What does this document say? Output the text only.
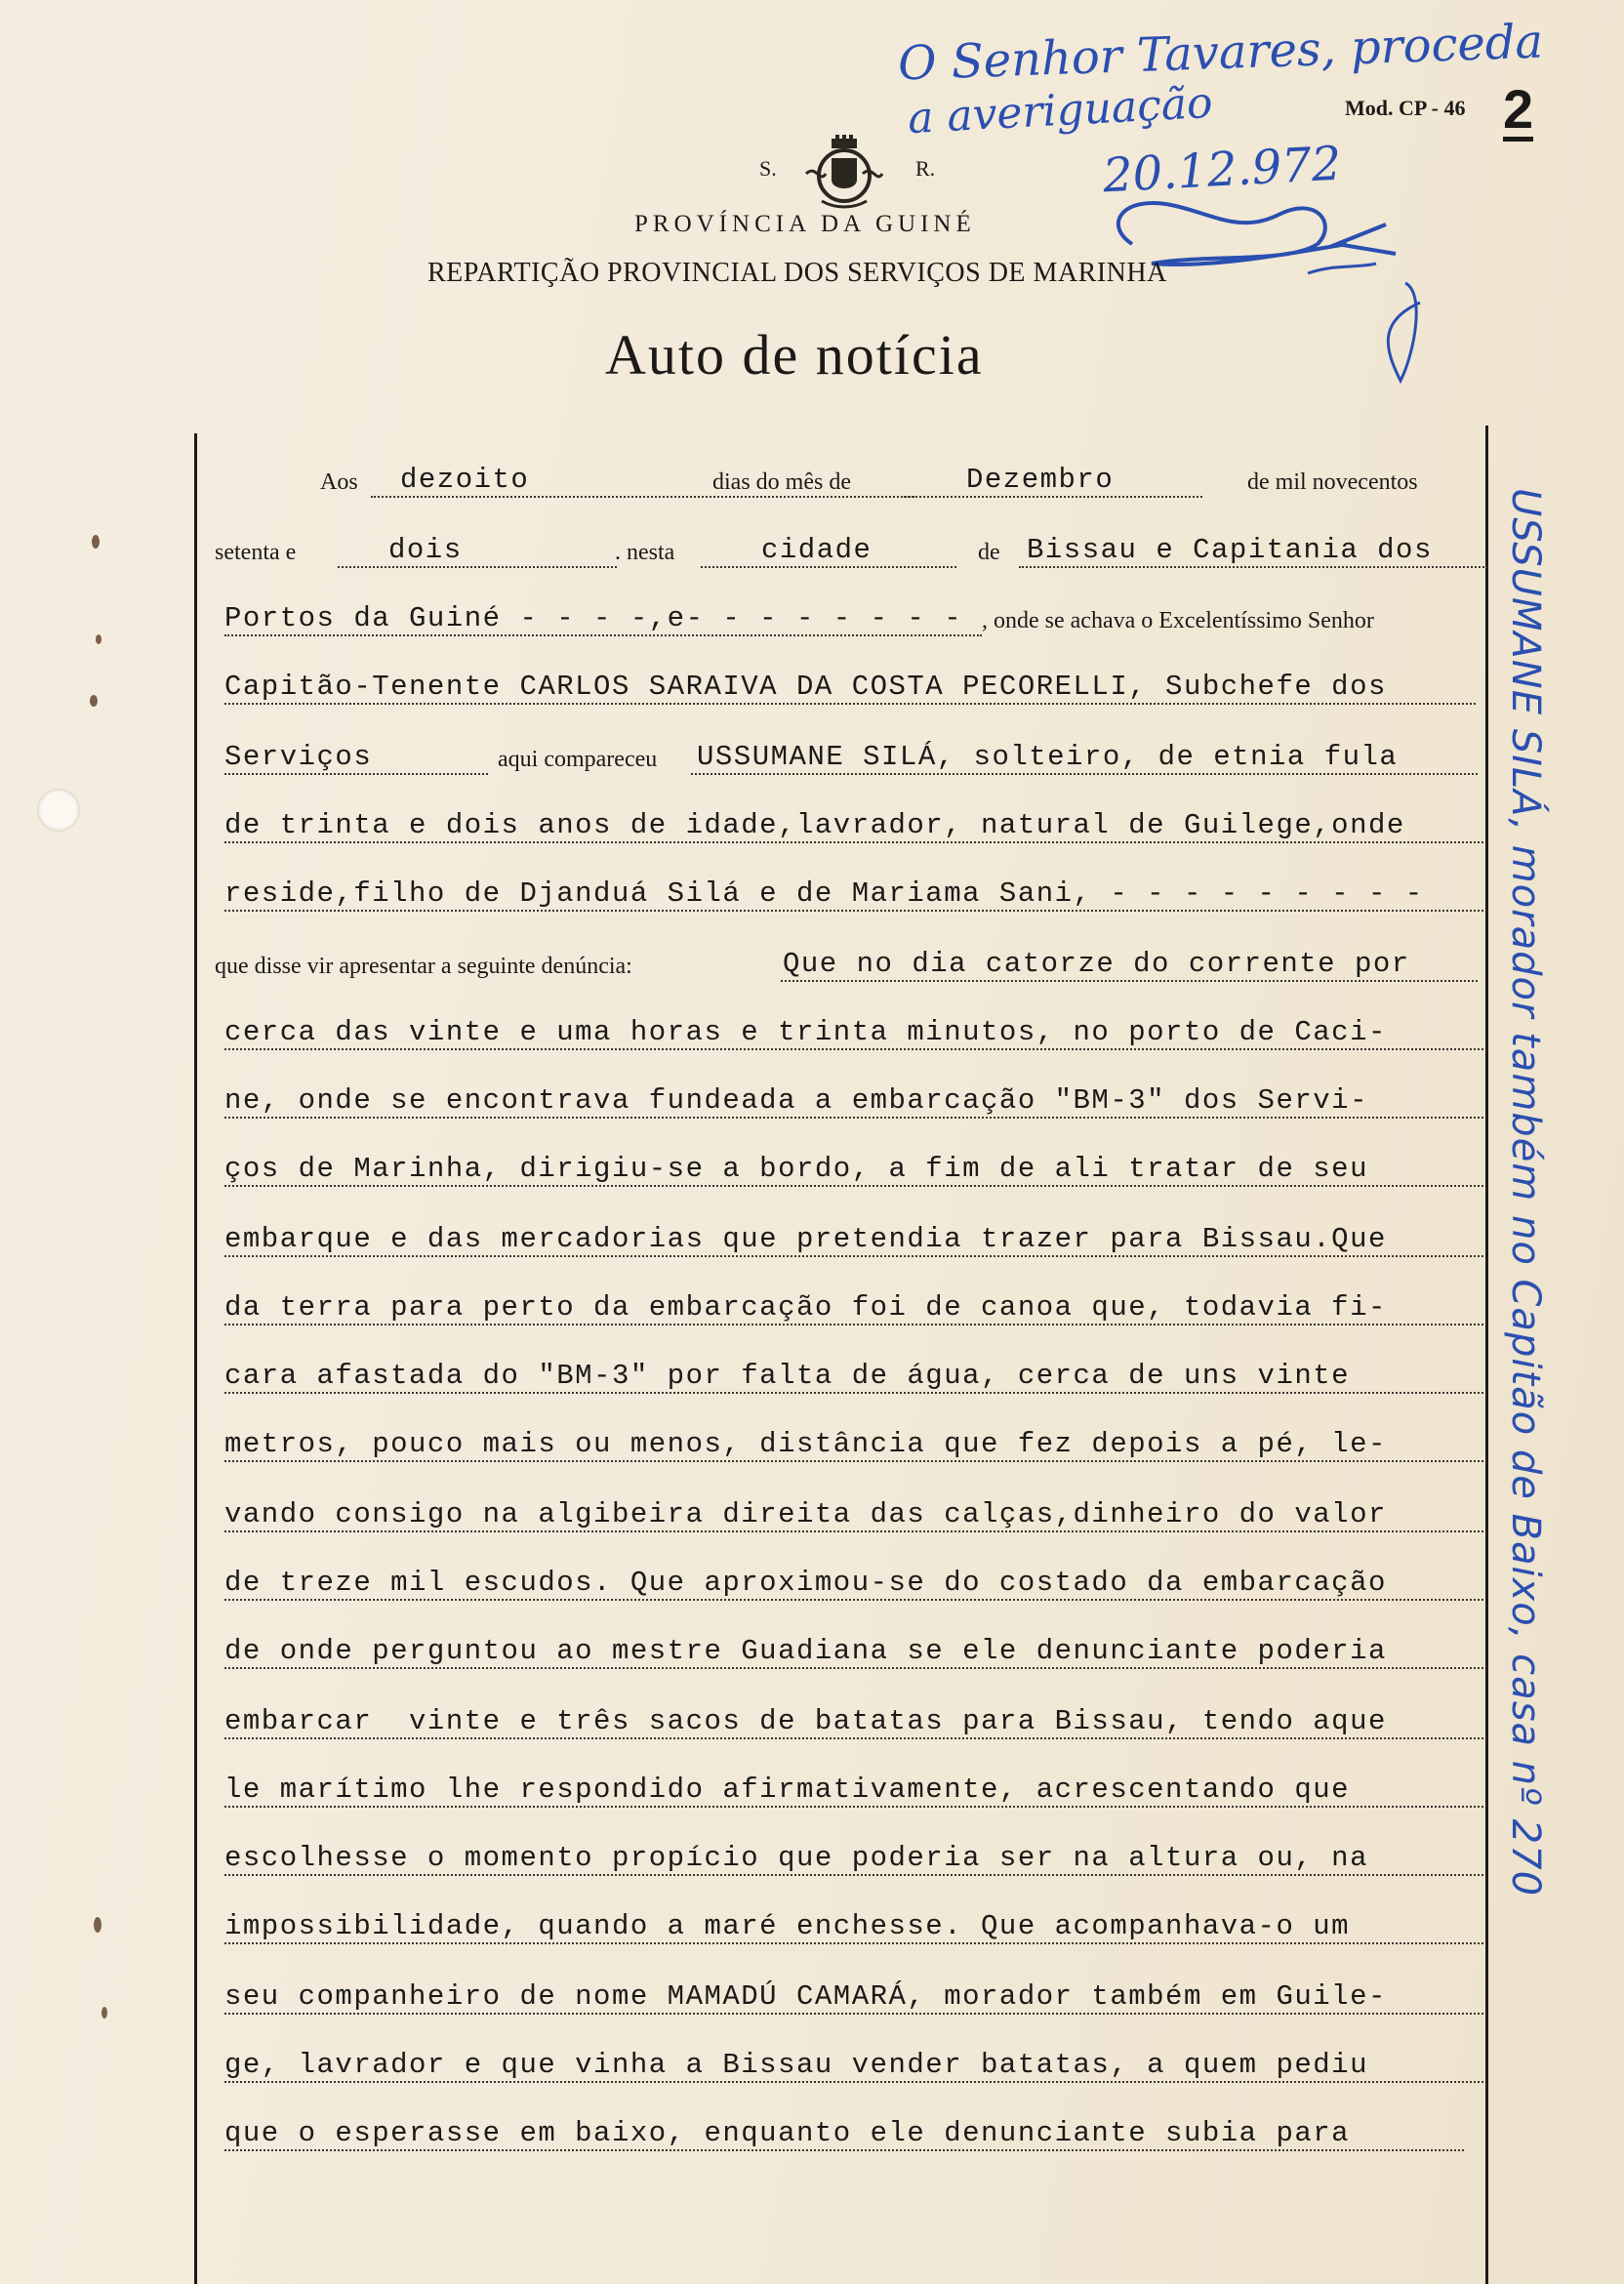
O Senhor Tavares, proceda
a averiguação
20.12.972
USSUMANE SILÁ, morador também no Capitão de Baixo, casa nº 270
Mod. CP - 46 2
S.	R.
PROVÍNCIA DA GUINÉ
REPARTIÇÃO PROVINCIAL DOS SERVIÇOS DE MARINHA
Auto de notícia
Aos dezoito	dias do mês de	Dezembro	de mil novecentos
setenta e	dois	. nesta	cidade	de Bissau e Capitania dos
Portos da Guiné - - - -,e- - - - - - - - , onde se achava o Excelentíssimo Senhor
Capitão-Tenente CARLOS SARAIVA DA COSTA PECORELLI, Subchefe dos
Serviços	aqui compareceu USSUMANE SILÁ, solteiro, de etnia fula
de trinta e dois anos de idade,lavrador, natural de Guilege,onde
reside,filho de Djanduá Silá e de Mariama Sani, - - - - - - - - -
que disse vir apresentar a seguinte denúncia:	Que no dia catorze do corrente por
cerca das vinte e uma horas e trinta minutos, no porto de Caci-
ne, onde se encontrava fundeada a embarcação "BM-3" dos Servi-
ços de Marinha, dirigiu-se a bordo, a fim de ali tratar de seu
embarque e das mercadorias que pretendia trazer para Bissau.Que
da terra para perto da embarcação foi de canoa que, todavia fi-
cara afastada do "BM-3" por falta de água, cerca de uns vinte
metros, pouco mais ou menos, distância que fez depois a pé, le-
vando consigo na algibeira direita das calças,dinheiro do valor
de treze mil escudos. Que aproximou-se do costado da embarcação
de onde perguntou ao mestre Guadiana se ele denunciante poderia
embarcar  vinte e três sacos de batatas para Bissau, tendo aque
le marítimo lhe respondido afirmativamente, acrescentando que
escolhesse o momento propício que poderia ser na altura ou, na
impossibilidade, quando a maré enchesse. Que acompanhava-o um
seu companheiro de nome MAMADÚ CAMARÁ, morador também em Guile-
ge, lavrador e que vinha a Bissau vender batatas, a quem pediu
que o esperasse em baixo, enquanto ele denunciante subia para
